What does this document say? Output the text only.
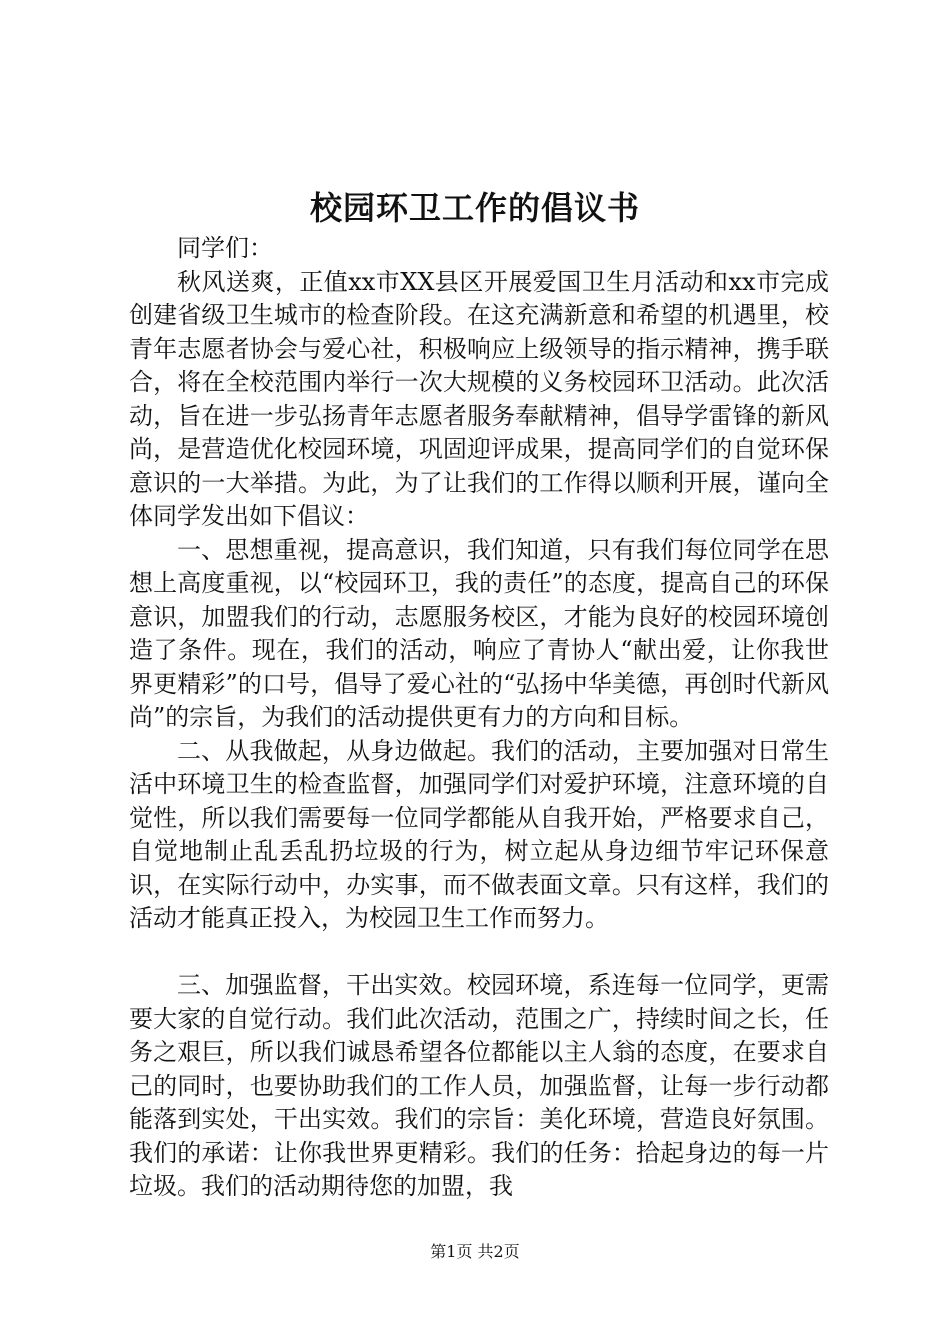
校园环卫工作的倡议书

同学们：

秋风送爽，正值xx市XX县区开展爱国卫生月活动和xx市完成创建省级卫生城市的检查阶段。在这充满新意和希望的机遇里，校青年志愿者协会与爱心社，积极响应上级领导的指示精神，携手联合，将在全校范围内举行一次大规模的义务校园环卫活动。此次活动，旨在进一步弘扬青年志愿者服务奉献精神，倡导学雷锋的新风尚，是营造优化校园环境，巩固迎评成果，提高同学们的自觉环保意识的一大举措。为此，为了让我们的工作得以顺利开展，谨向全体同学发出如下倡议：

一、思想重视，提高意识，我们知道，只有我们每位同学在思想上高度重视，以“校园环卫，我的责任”的态度，提高自己的环保意识，加盟我们的行动，志愿服务校区，才能为良好的校园环境创造了条件。现在，我们的活动，响应了青协人“献出爱，让你我世界更精彩”的口号，倡导了爱心社的“弘扬中华美德，再创时代新风尚”的宗旨，为我们的活动提供更有力的方向和目标。

二、从我做起，从身边做起。我们的活动，主要加强对日常生活中环境卫生的检查监督，加强同学们对爱护环境，注意环境的自觉性，所以我们需要每一位同学都能从自我开始，严格要求自己，自觉地制止乱丢乱扔垃圾的行为，树立起从身边细节牢记环保意识，在实际行动中，办实事，而不做表面文章。只有这样，我们的活动才能真正投入，为校园卫生工作而努力。

三、加强监督，干出实效。校园环境，系连每一位同学，更需要大家的自觉行动。我们此次活动，范围之广，持续时间之长，任务之艰巨，所以我们诚恳希望各位都能以主人翁的态度，在要求自己的同时，也要协助我们的工作人员，加强监督，让每一步行动都能落到实处，干出实效。我们的宗旨：美化环境，营造良好氛围。我们的承诺：让你我世界更精彩。我们的任务：拾起身边的每一片垃圾。我们的活动期待您的加盟，我

第1页 共2页
